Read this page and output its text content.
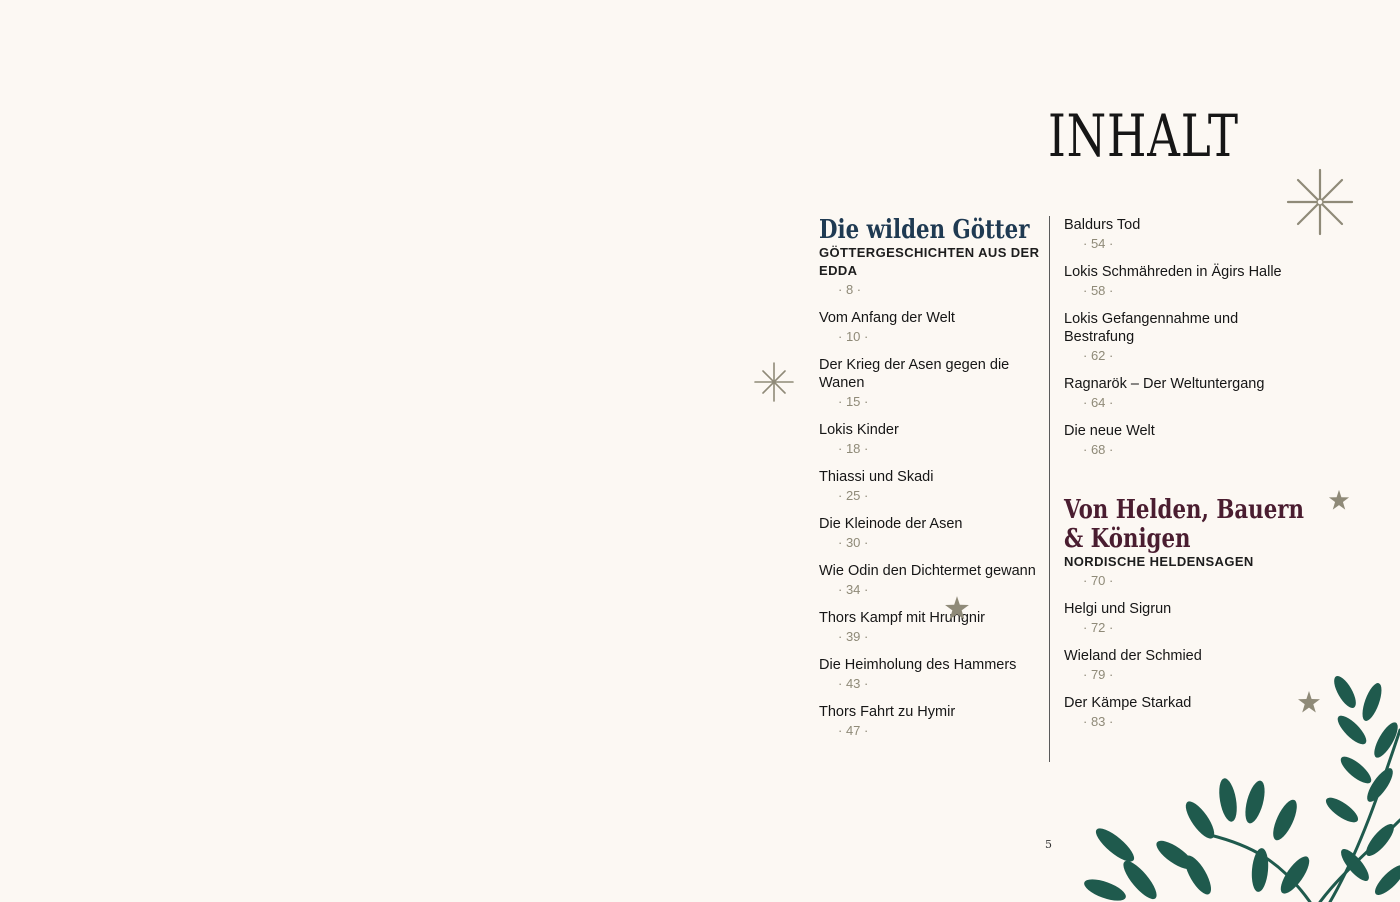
INHALT
Die wilden Götter
GÖTTERGESCHICHTEN AUS DER EDDA
· 8 ·
Vom Anfang der Welt
· 10 ·
Der Krieg der Asen gegen die Wanen
· 15 ·
Lokis Kinder
· 18 ·
Thiassi und Skadi
· 25 ·
Die Kleinode der Asen
· 30 ·
Wie Odin den Dichtermet gewann
· 34 ·
Thors Kampf mit Hrungnir
· 39 ·
Die Heimholung des Hammers
· 43 ·
Thors Fahrt zu Hymir
· 47 ·
Baldurs Tod
· 54 ·
Lokis Schmähreden in Ägirs Halle
· 58 ·
Lokis Gefangennahme und Bestrafung
· 62 ·
Ragnarök – Der Weltuntergang
· 64 ·
Die neue Welt
· 68 ·
Von Helden, Bauern
& Königen
NORDISCHE HELDENSAGEN
· 70 ·
Helgi und Sigrun
· 72 ·
Wieland der Schmied
· 79 ·
Der Kämpe Starkad
· 83 ·
5
